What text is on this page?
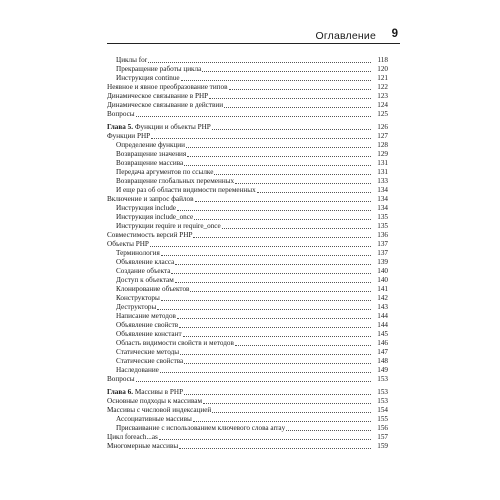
Оглавление 9
Циклы for	118
Прекращение работы цикла	120
Инструкция continue	121
Неявное и явное преобразование типов	122
Динамическое связывание в PHP	123
Динамическое связывание в действии	124
Вопросы	125
Глава 5. Функции и объекты PHP	126
Функции PHP	127
Определение функции	128
Возвращение значения	129
Возвращение массива	131
Передача аргументов по ссылке	131
Возвращение глобальных переменных	133
И еще раз об области видимости переменных	134
Включение и запрос файлов	134
Инструкция include	134
Инструкция include_once	135
Инструкции require и require_once	135
Совместимость версий PHP	136
Объекты PHP	137
Терминология	137
Объявление класса	139
Создание объекта	140
Доступ к объектам	140
Клонирование объектов	141
Конструкторы	142
Деструкторы	143
Написание методов	144
Объявление свойств	144
Объявление констант	145
Область видимости свойств и методов	146
Статические методы	147
Статические свойства	148
Наследование	149
Вопросы	153
Глава 6. Массивы в PHP	153
Основные подходы к массивам	153
Массивы с числовой индексацией	154
Ассоциативные массивы	155
Присваивание с использованием ключевого слова array	156
Цикл foreach...as	157
Многомерные массивы	159
